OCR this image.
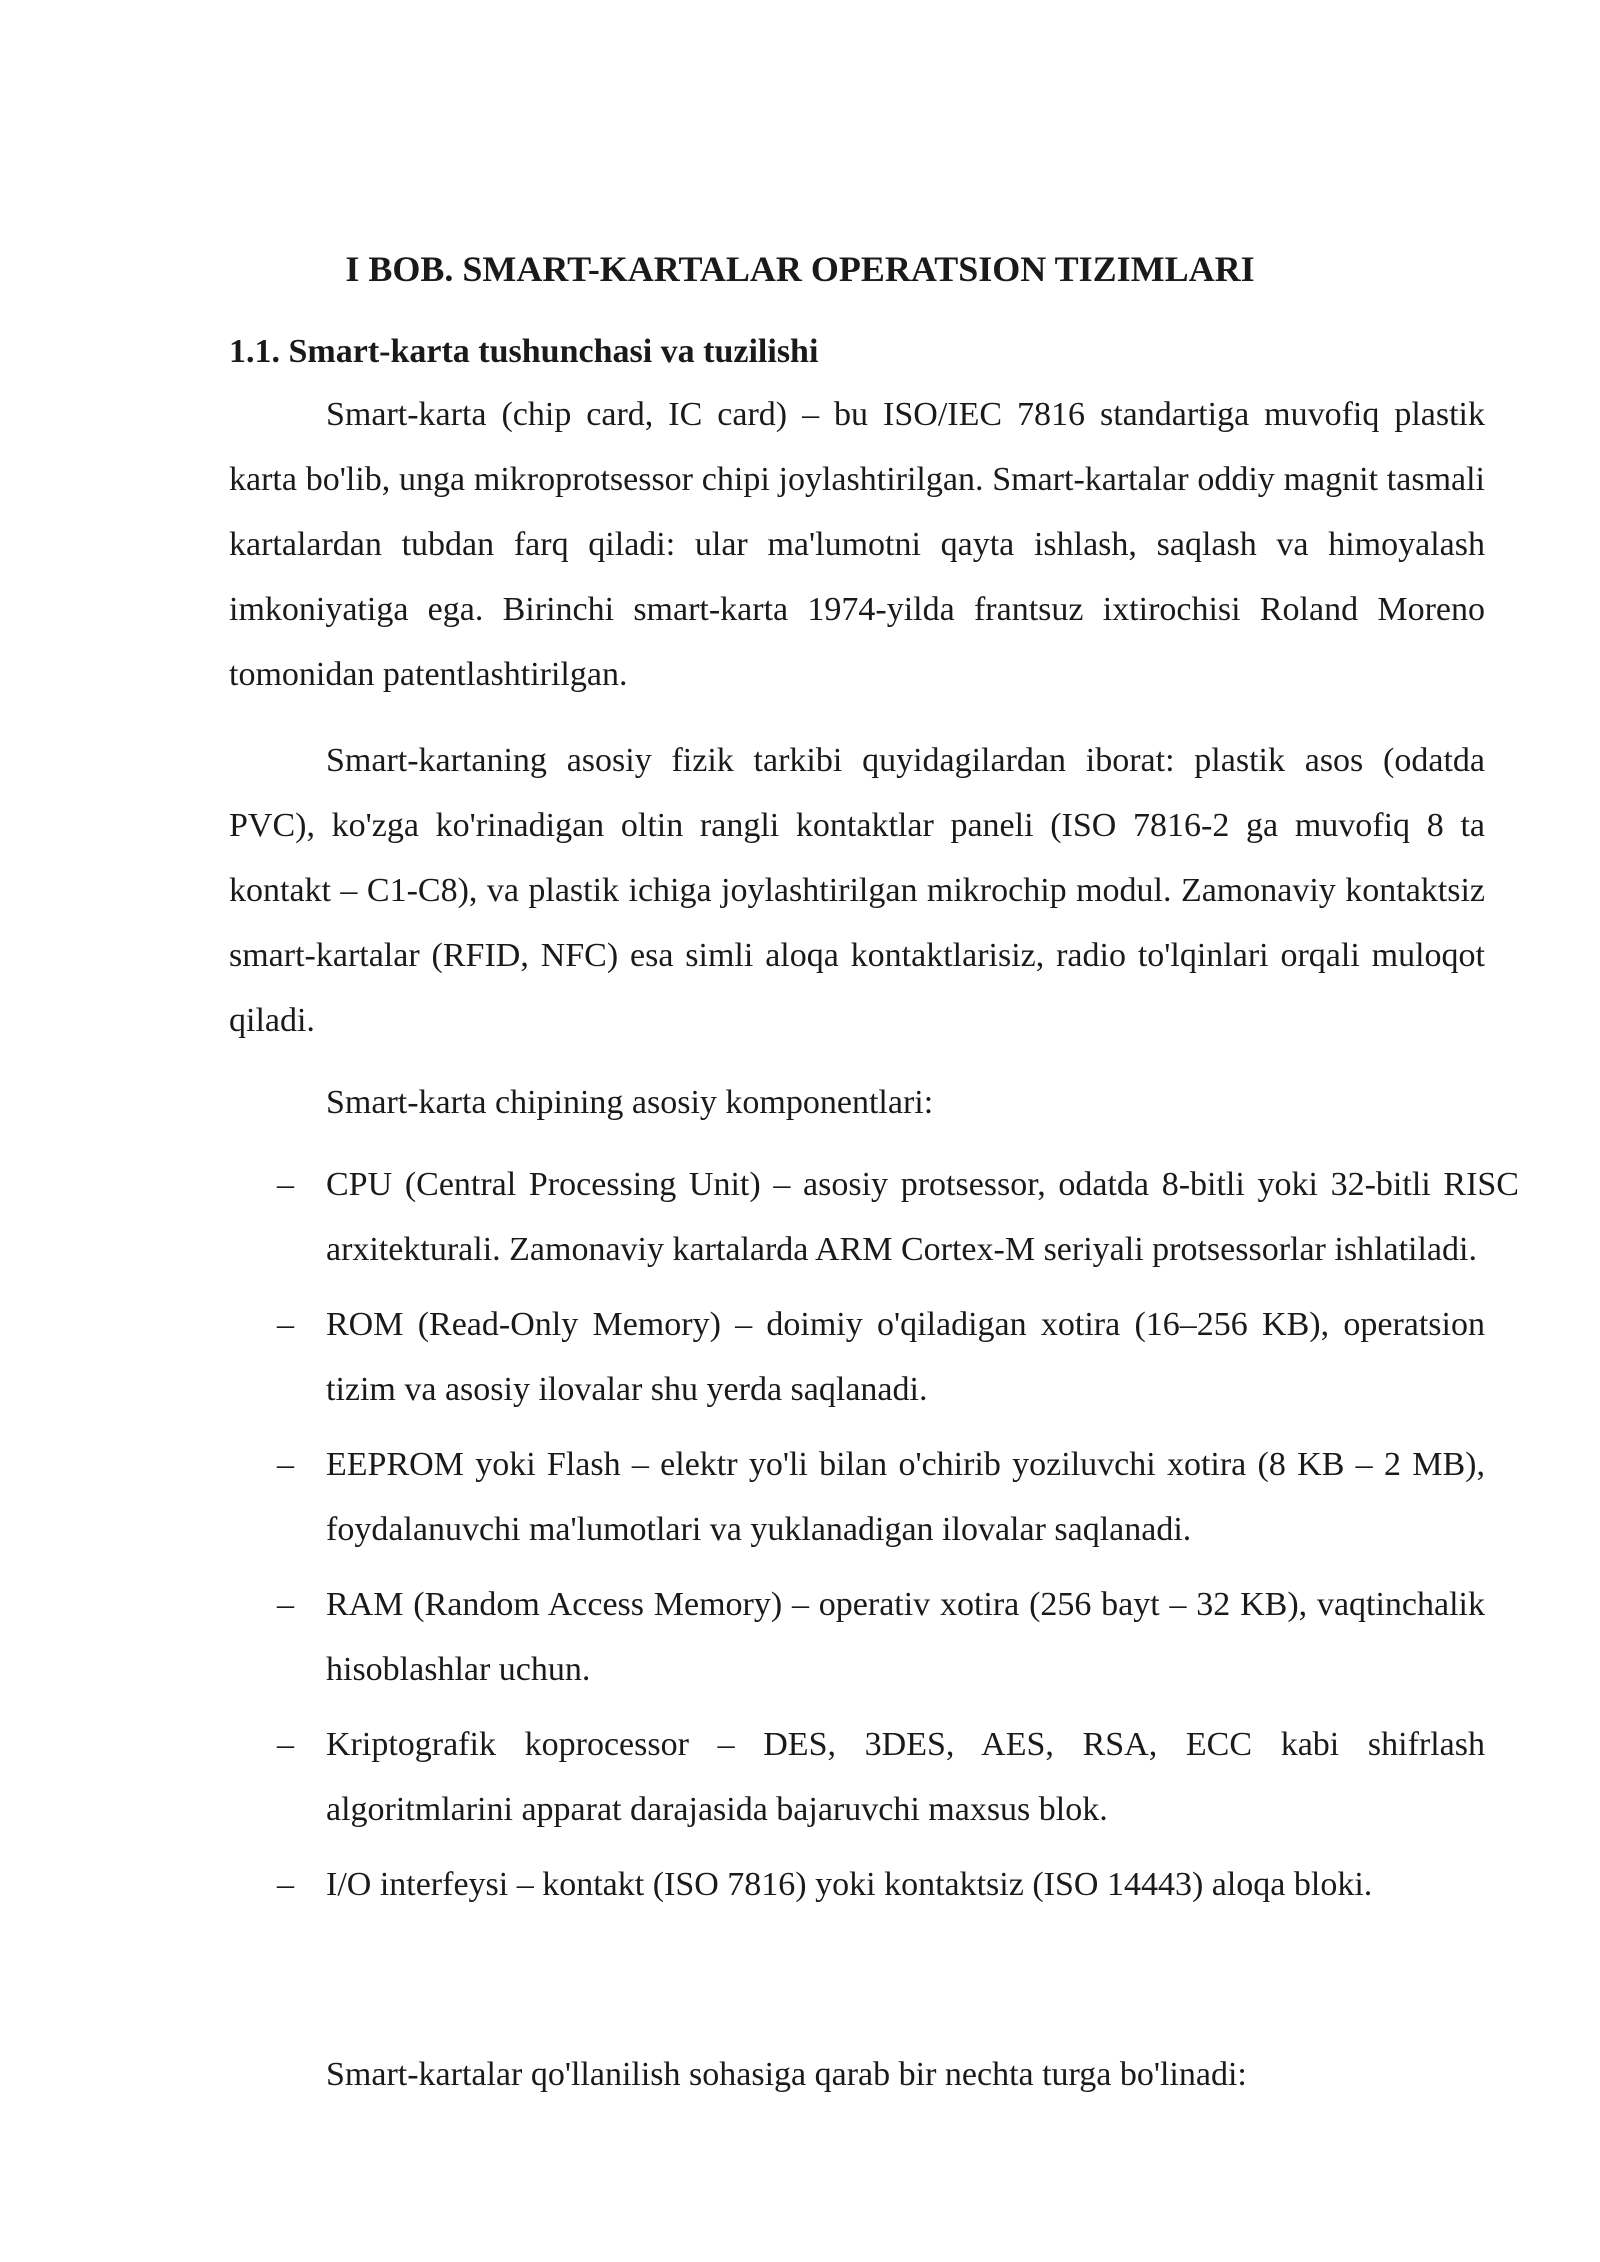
I BOB. SMART-KARTALAR OPERATSION TIZIMLARI
1.1. Smart-karta tushunchasi va tuzilishi

Smart-karta (chip card, IC card) – bu ISO/IEC 7816 standartiga muvofiq plastik karta bo'lib, unga mikroprotsessor chipi joylashtirilgan. Smart-kartalar oddiy magnit tasmali kartalardan tubdan farq qiladi: ular ma'lumotni qayta ishlash, saqlash va himoyalash imkoniyatiga ega. Birinchi smart-karta 1974-yilda frantsuz ixtirochisi Roland Moreno tomonidan patentlashtirilgan.

Smart-kartaning asosiy fizik tarkibi quyidagilardan iborat: plastik asos (odatda PVC), ko'zga ko'rinadigan oltin rangli kontaktlar paneli (ISO 7816-2 ga muvofiq 8 ta kontakt – C1-C8), va plastik ichiga joylashtirilgan mikrochip modul. Zamonaviy kontaktsiz smart-kartalar (RFID, NFC) esa simli aloqa kontaktlarisiz, radio to'lqinlari orqali muloqot qiladi.

Smart-karta chipining asosiy komponentlari:

– CPU (Central Processing Unit) – asosiy protsessor, odatda 8-bitli yoki 32-bitli RISC arxitekturali. Zamonaviy kartalarda ARM Cortex-M seriyali protsessorlar ishlatiladi.
– ROM (Read-Only Memory) – doimiy o'qiladigan xotira (16–256 KB), operatsion tizim va asosiy ilovalar shu yerda saqlanadi.
– EEPROM yoki Flash – elektr yo'li bilan o'chirib yoziluvchi xotira (8 KB – 2 MB), foydalanuvchi ma'lumotlari va yuklanadigan ilovalar saqlanadi.
– RAM (Random Access Memory) – operativ xotira (256 bayt – 32 KB), vaqtinchalik hisoblashlar uchun.
– Kriptografik koprocessor – DES, 3DES, AES, RSA, ECC kabi shifrlash algoritmlarini apparat darajasida bajaruvchi maxsus blok.
– I/O interfeysi – kontakt (ISO 7816) yoki kontaktsiz (ISO 14443) aloqa bloki.

Smart-kartalar qo'llanilish sohasiga qarab bir nechta turga bo'linadi:
